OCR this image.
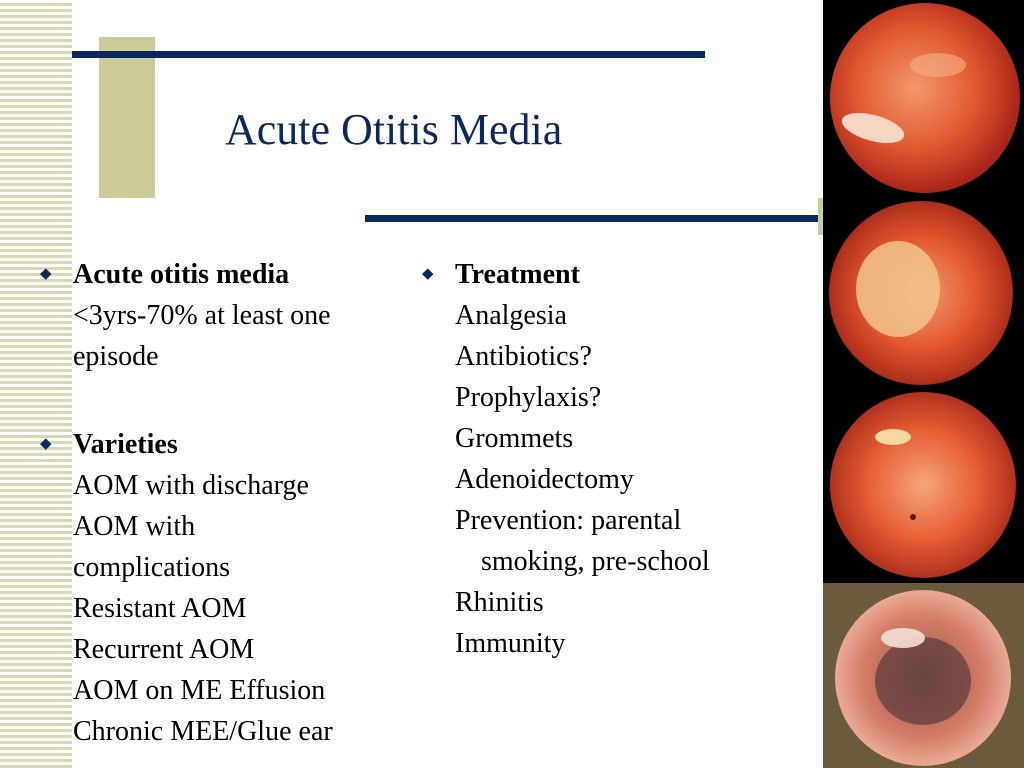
Acute Otitis Media
◆ Acute otitis media
<3yrs-70% at least one
episode
◆ Varieties
AOM with discharge
AOM with
complications
Resistant AOM
Recurrent AOM
AOM on ME Effusion
Chronic MEE/Glue ear
◆ Treatment
Analgesia
Antibiotics?
Prophylaxis?
Grommets
Adenoidectomy
Prevention: parental
smoking, pre-school
Rhinitis
Immunity
